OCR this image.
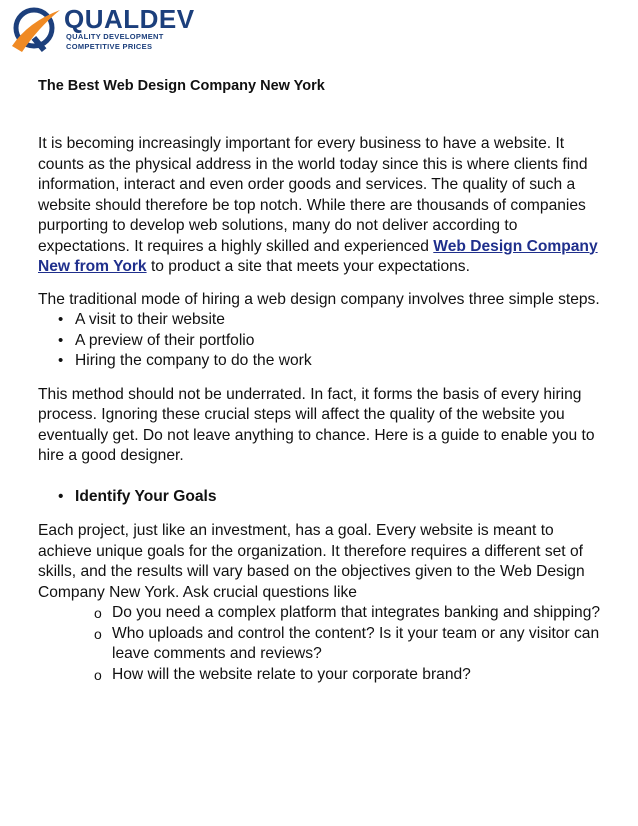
QUALDEV
QUALITY DEVELOPMENT
COMPETITIVE PRICES
The Best Web Design Company New York

It is becoming increasingly important for every business to have a website. It counts as the physical address in the world today since this is where clients find information, interact and even order goods and services. The quality of such a website should therefore be top notch. While there are thousands of companies purporting to develop web solutions, many do not deliver according to expectations. It requires a highly skilled and experienced Web Design Company New from York to product a site that meets your expectations.

The traditional mode of hiring a web design company involves three simple steps.

• A visit to their website
• A preview of their portfolio
• Hiring the company to do the work

This method should not be underrated. In fact, it forms the basis of every hiring process. Ignoring these crucial steps will affect the quality of the website you eventually get. Do not leave anything to chance. Here is a guide to enable you to hire a good designer.

• Identify Your Goals

Each project, just like an investment, has a goal. Every website is meant to achieve unique goals for the organization. It therefore requires a different set of skills, and the results will vary based on the objectives given to the Web Design Company New York. Ask crucial questions like

o Do you need a complex platform that integrates banking and shipping?
o Who uploads and control the content? Is it your team or any visitor can leave comments and reviews?
o How will the website relate to your corporate brand?
